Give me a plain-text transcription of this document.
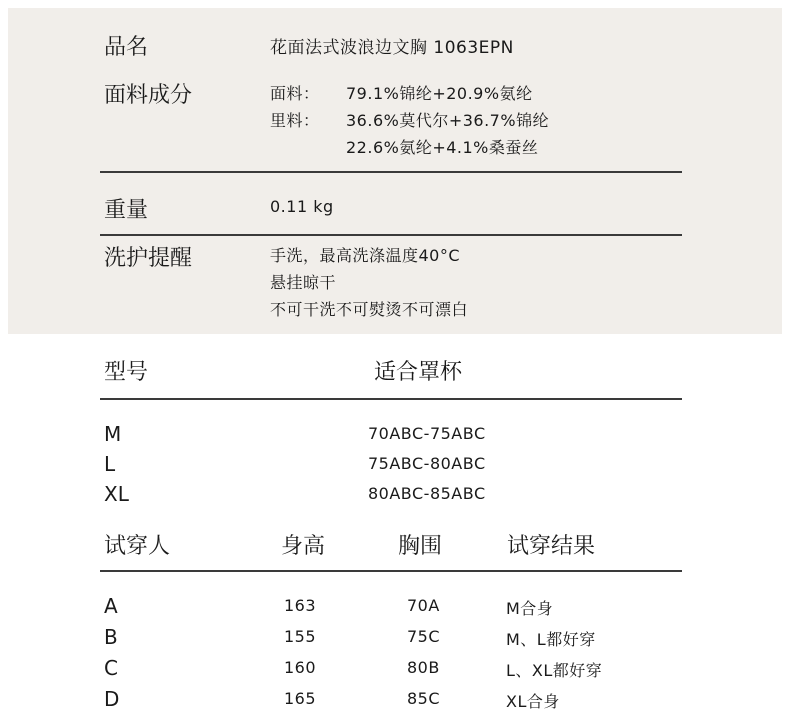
品名	花面法式波浪边文胸 1063EPN
面料成分	面料： 79.1%锦纶+20.9%氨纶
里料： 36.6%莫代尔+36.7%锦纶
22.6%氨纶+4.1%桑蚕丝
重量	0.11 kg
洗护提醒	手洗，最高洗涤温度40°C
悬挂晾干
不可干洗不可熨烫不可漂白
型号	适合罩杯
M	70ABC-75ABC
L	75ABC-80ABC
XL	80ABC-85ABC
试穿人	身高	胸围	试穿结果
A	163	70A	M合身
B	155	75C	M、L都好穿
C	160	80B	L、XL都好穿
D	165	85C	XL合身
